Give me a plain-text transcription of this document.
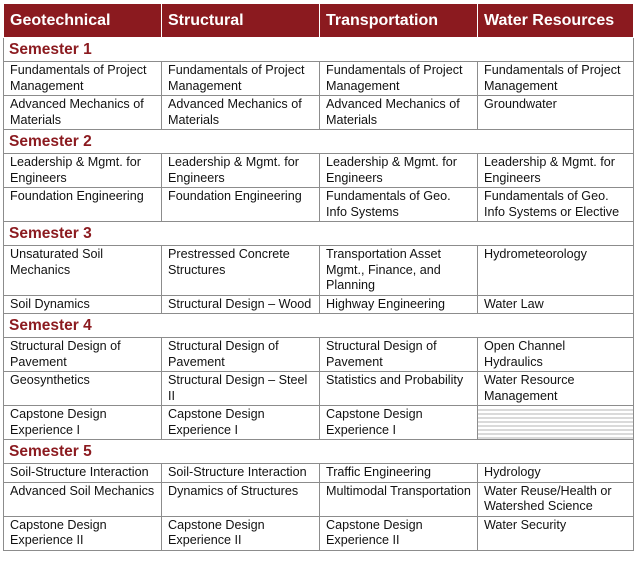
Geotechnical	Structural	Transportation	Water Resources
Semester 1			
Fundamentals of Project Management	Fundamentals of Project Management	Fundamentals of Project Management	Fundamentals of Project Management
Advanced Mechanics of Materials	Advanced Mechanics of Materials	Advanced Mechanics of Materials	Groundwater
Semester 2			
Leadership & Mgmt. for Engineers	Leadership & Mgmt. for Engineers	Leadership & Mgmt. for Engineers	Leadership & Mgmt. for Engineers
Foundation Engineering	Foundation Engineering	Fundamentals of Geo. Info Systems	Fundamentals of Geo. Info Systems or Elective
Semester 3			
Unsaturated Soil Mechanics	Prestressed Concrete Structures	Transportation Asset Mgmt., Finance, and Planning	Hydrometeorology
Soil Dynamics	Structural Design – Wood	Highway Engineering	Water Law
Semester 4			
Structural Design of Pavement	Structural Design of Pavement	Structural Design of Pavement	Open Channel Hydraulics
Geosynthetics	Structural Design – Steel II	Statistics and Probability	Water Resource Management
Capstone Design Experience I	Capstone Design Experience I	Capstone Design Experience I	
Semester 5			
Soil-Structure Interaction	Soil-Structure Interaction	Traffic Engineering	Hydrology
Advanced Soil Mechanics	Dynamics of Structures	Multimodal Transportation	Water Reuse/Health or Watershed Science
Capstone Design Experience II	Capstone Design Experience II	Capstone Design Experience II	Water Security
